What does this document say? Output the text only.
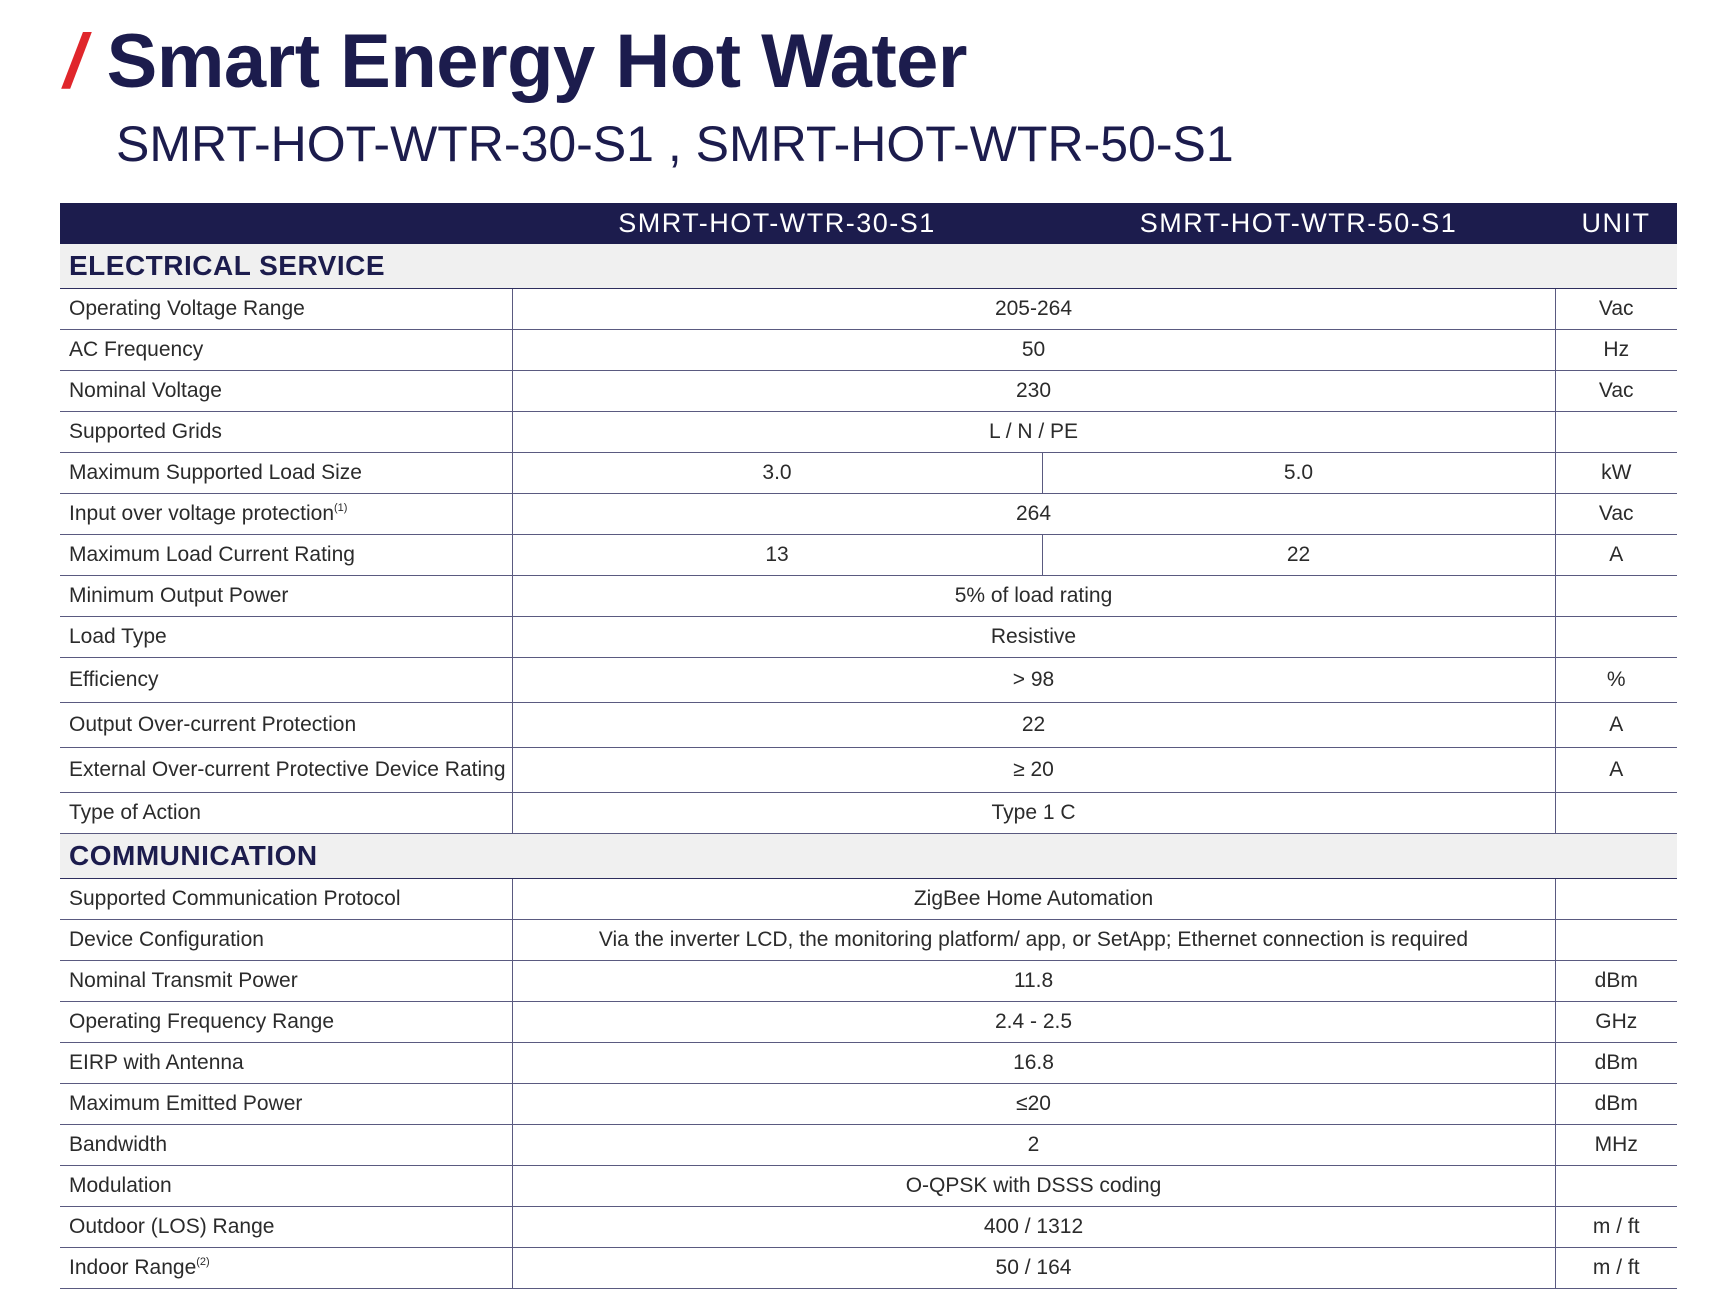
/ Smart Energy Hot Water
SMRT-HOT-WTR-30-S1 , SMRT-HOT-WTR-50-S1
	SMRT-HOT-WTR-30-S1	SMRT-HOT-WTR-50-S1	UNIT
ELECTRICAL SERVICE			
Operating Voltage Range	205-264		Vac
AC Frequency	50		Hz
Nominal Voltage	230		Vac
Supported Grids	L / N / PE		
Maximum Supported Load Size	3.0	5.0	kW
Input over voltage protection$^{(1)}$	264		Vac
Maximum Load Current Rating	13	22	A
Minimum Output Power	5% of load rating		
Load Type	Resistive		
Efficiency	> 98		%
Output Over-current Protection	22		A
External Over-current Protective Device Rating	≥ 20		A
Type of Action	Type 1 C		
COMMUNICATION			
Supported Communication Protocol	ZigBee Home Automation		
Device Configuration	Via the inverter LCD, the monitoring platform/ app, or SetApp; Ethernet connection is required		
Nominal Transmit Power	11.8		dBm
Operating Frequency Range	2.4 - 2.5		GHz
EIRP with Antenna	16.8		dBm
Maximum Emitted Power	≤20		dBm
Bandwidth	2		MHz
Modulation	O-QPSK with DSSS coding		
Outdoor (LOS) Range	400 / 1312		m / ft
Indoor Range$^{(2)}$	50 / 164		m / ft
